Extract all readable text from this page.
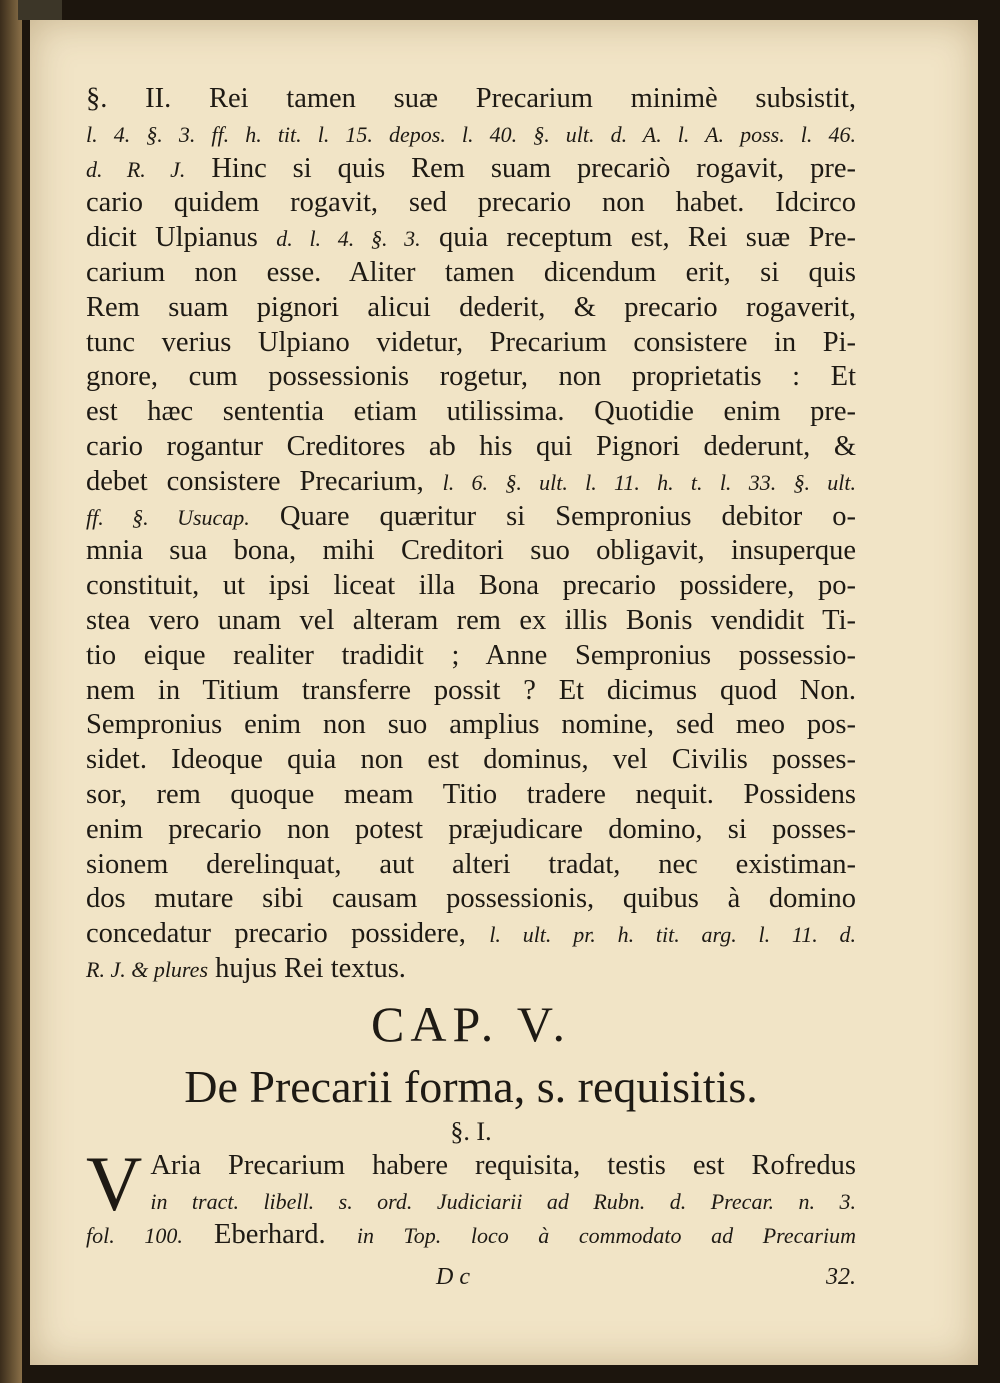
§. II. Rei tamen suæ Precarium minimè subsistit,
l. 4. §. 3. ff. h. tit. l. 15. depos. l. 40. §. ult. d. A. l. A. poss. l. 46.
d. R. J. Hinc si quis Rem suam precariò rogavit, pre-
cario quidem rogavit, sed precario non habet. Idcirco
dicit Ulpianus d. l. 4. §. 3. quia receptum est, Rei suæ Pre-
carium non esse. Aliter tamen dicendum erit, si quis
Rem suam pignori alicui dederit, & precario rogaverit,
tunc verius Ulpiano videtur, Precarium consistere in Pi-
gnore, cum possessionis rogetur, non proprietatis : Et
est hæc sententia etiam utilissima. Quotidie enim pre-
cario rogantur Creditores ab his qui Pignori dederunt, &
debet consistere Precarium, l. 6. §. ult. l. 11. h. t. l. 33. §. ult.
ff. §. Usucap. Quare quæritur si Sempronius debitor o-
mnia sua bona, mihi Creditori suo obligavit, insuperque
constituit, ut ipsi liceat illa Bona precario possidere, po-
stea vero unam vel alteram rem ex illis Bonis vendidit Ti-
tio eique realiter tradidit ; Anne Sempronius possessio-
nem in Titium transferre possit ? Et dicimus quod Non.
Sempronius enim non suo amplius nomine, sed meo pos-
sidet. Ideoque quia non est dominus, vel Civilis posses-
sor, rem quoque meam Titio tradere nequit. Possidens
enim precario non potest præjudicare domino, si posses-
sionem derelinquat, aut alteri tradat, nec existiman-
dos mutare sibi causam possessionis, quibus à domino
concedatur precario possidere, l. ult. pr. h. tit. arg. l. 11. d.
R. J. & plures hujus Rei textus.
CAP. V.
De Precarii forma, s. requisitis.
§. I.
V Aria Precarium habere requisita, testis est Rofredus
in tract. libell. s. ord. Judiciarii ad Rubn. d. Precar. n. 3.
fol. 100. Eberhard. in Top. loco à commodato ad Precarium
D c	32.
